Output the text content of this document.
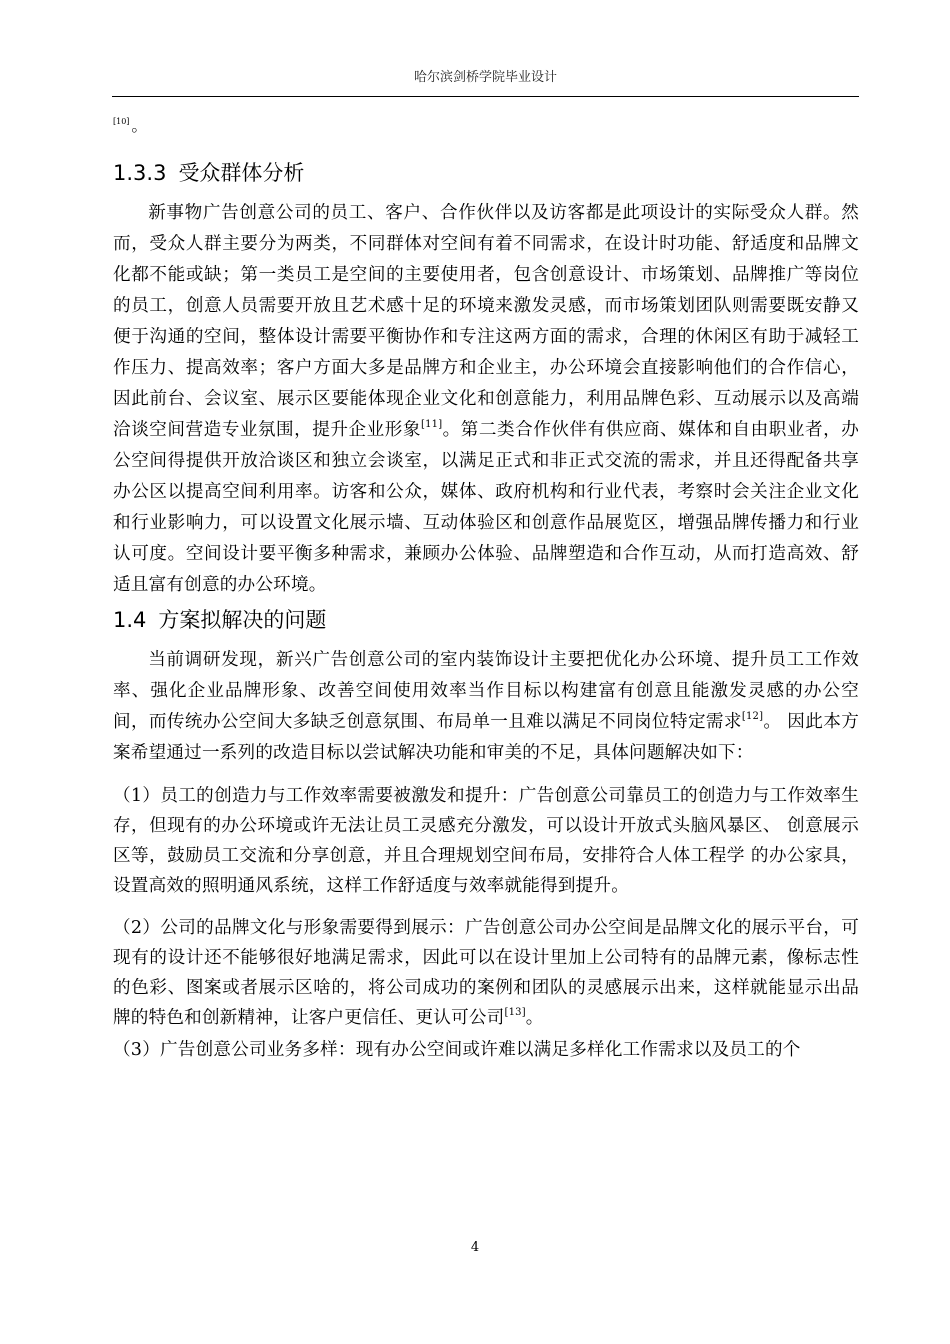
哈尔滨剑桥学院毕业设计

[10] 。

1.3.3 受众群体分析

新事物广告创意公司的员工、客户、合作伙伴以及访客都是此项设计的实际受众人群。然而，受众人群主要分为两类，不同群体对空间有着不同需求，在设计时功能、舒适度和品牌文化都不能或缺；第一类员工是空间的主要使用者，包含创意设计、市场策划、品牌推广等岗位的员工，创意人员需要开放且艺术感十足的环境来激发灵感，而市场策划团队则需要既安静又便于沟通的空间，整体设计需要平衡协作和专注这两方面的需求，合理的休闲区有助于减轻工作压力、提高效率；客户方面大多是品牌方和企业主，办公环境会直接影响他们的合作信心，因此前台、会议室、展示区要能体现企业文化和创意能力，利用品牌色彩、互动展示以及高端洽谈空间营造专业氛围，提升企业形象[11]。第二类合作伙伴有供应商、媒体和自由职业者，办公空间得提供开放洽谈区和独立会谈室，以满足正式和非正式交流的需求，并且还得配备共享办公区以提高空间利用率。访客和公众，媒体、政府机构和行业代表，考察时会关注企业文化和行业影响力，可以设置文化展示墙、互动体验区和创意作品展览区，增强品牌传播力和行业认可度。空间设计要平衡多种需求，兼顾办公体验、品牌塑造和合作互动，从而打造高效、舒适且富有创意的办公环境。

1.4 方案拟解决的问题

当前调研发现，新兴广告创意公司的室内装饰设计主要把优化办公环境、提升员工工作效率、强化企业品牌形象、改善空间使用效率当作目标以构建富有创意且能激发灵感的办公空间，而传统办公空间大多缺乏创意氛围、布局单一且难以满足不同岗位特定需求[12]。 因此本方案希望通过一系列的改造目标以尝试解决功能和审美的不足，具体问题解决如下：

（1）员工的创造力与工作效率需要被激发和提升：广告创意公司靠员工的创造力与工作效率生存，但现有的办公环境或许无法让员工灵感充分激发，可以设计开放式头脑风暴区、 创意展示区等，鼓励员工交流和分享创意，并且合理规划空间布局，安排符合人体工程学 的办公家具，设置高效的照明通风系统，这样工作舒适度与效率就能得到提升。

（2）公司的品牌文化与形象需要得到展示：广告创意公司办公空间是品牌文化的展示平台，可现有的设计还不能够很好地满足需求，因此可以在设计里加上公司特有的品牌元素，像标志性的色彩、图案或者展示区啥的，将公司成功的案例和团队的灵感展示出来，这样就能显示出品牌的特色和创新精神，让客户更信任、更认可公司[13]。

（3）广告创意公司业务多样：现有办公空间或许难以满足多样化工作需求以及员工的个

4
